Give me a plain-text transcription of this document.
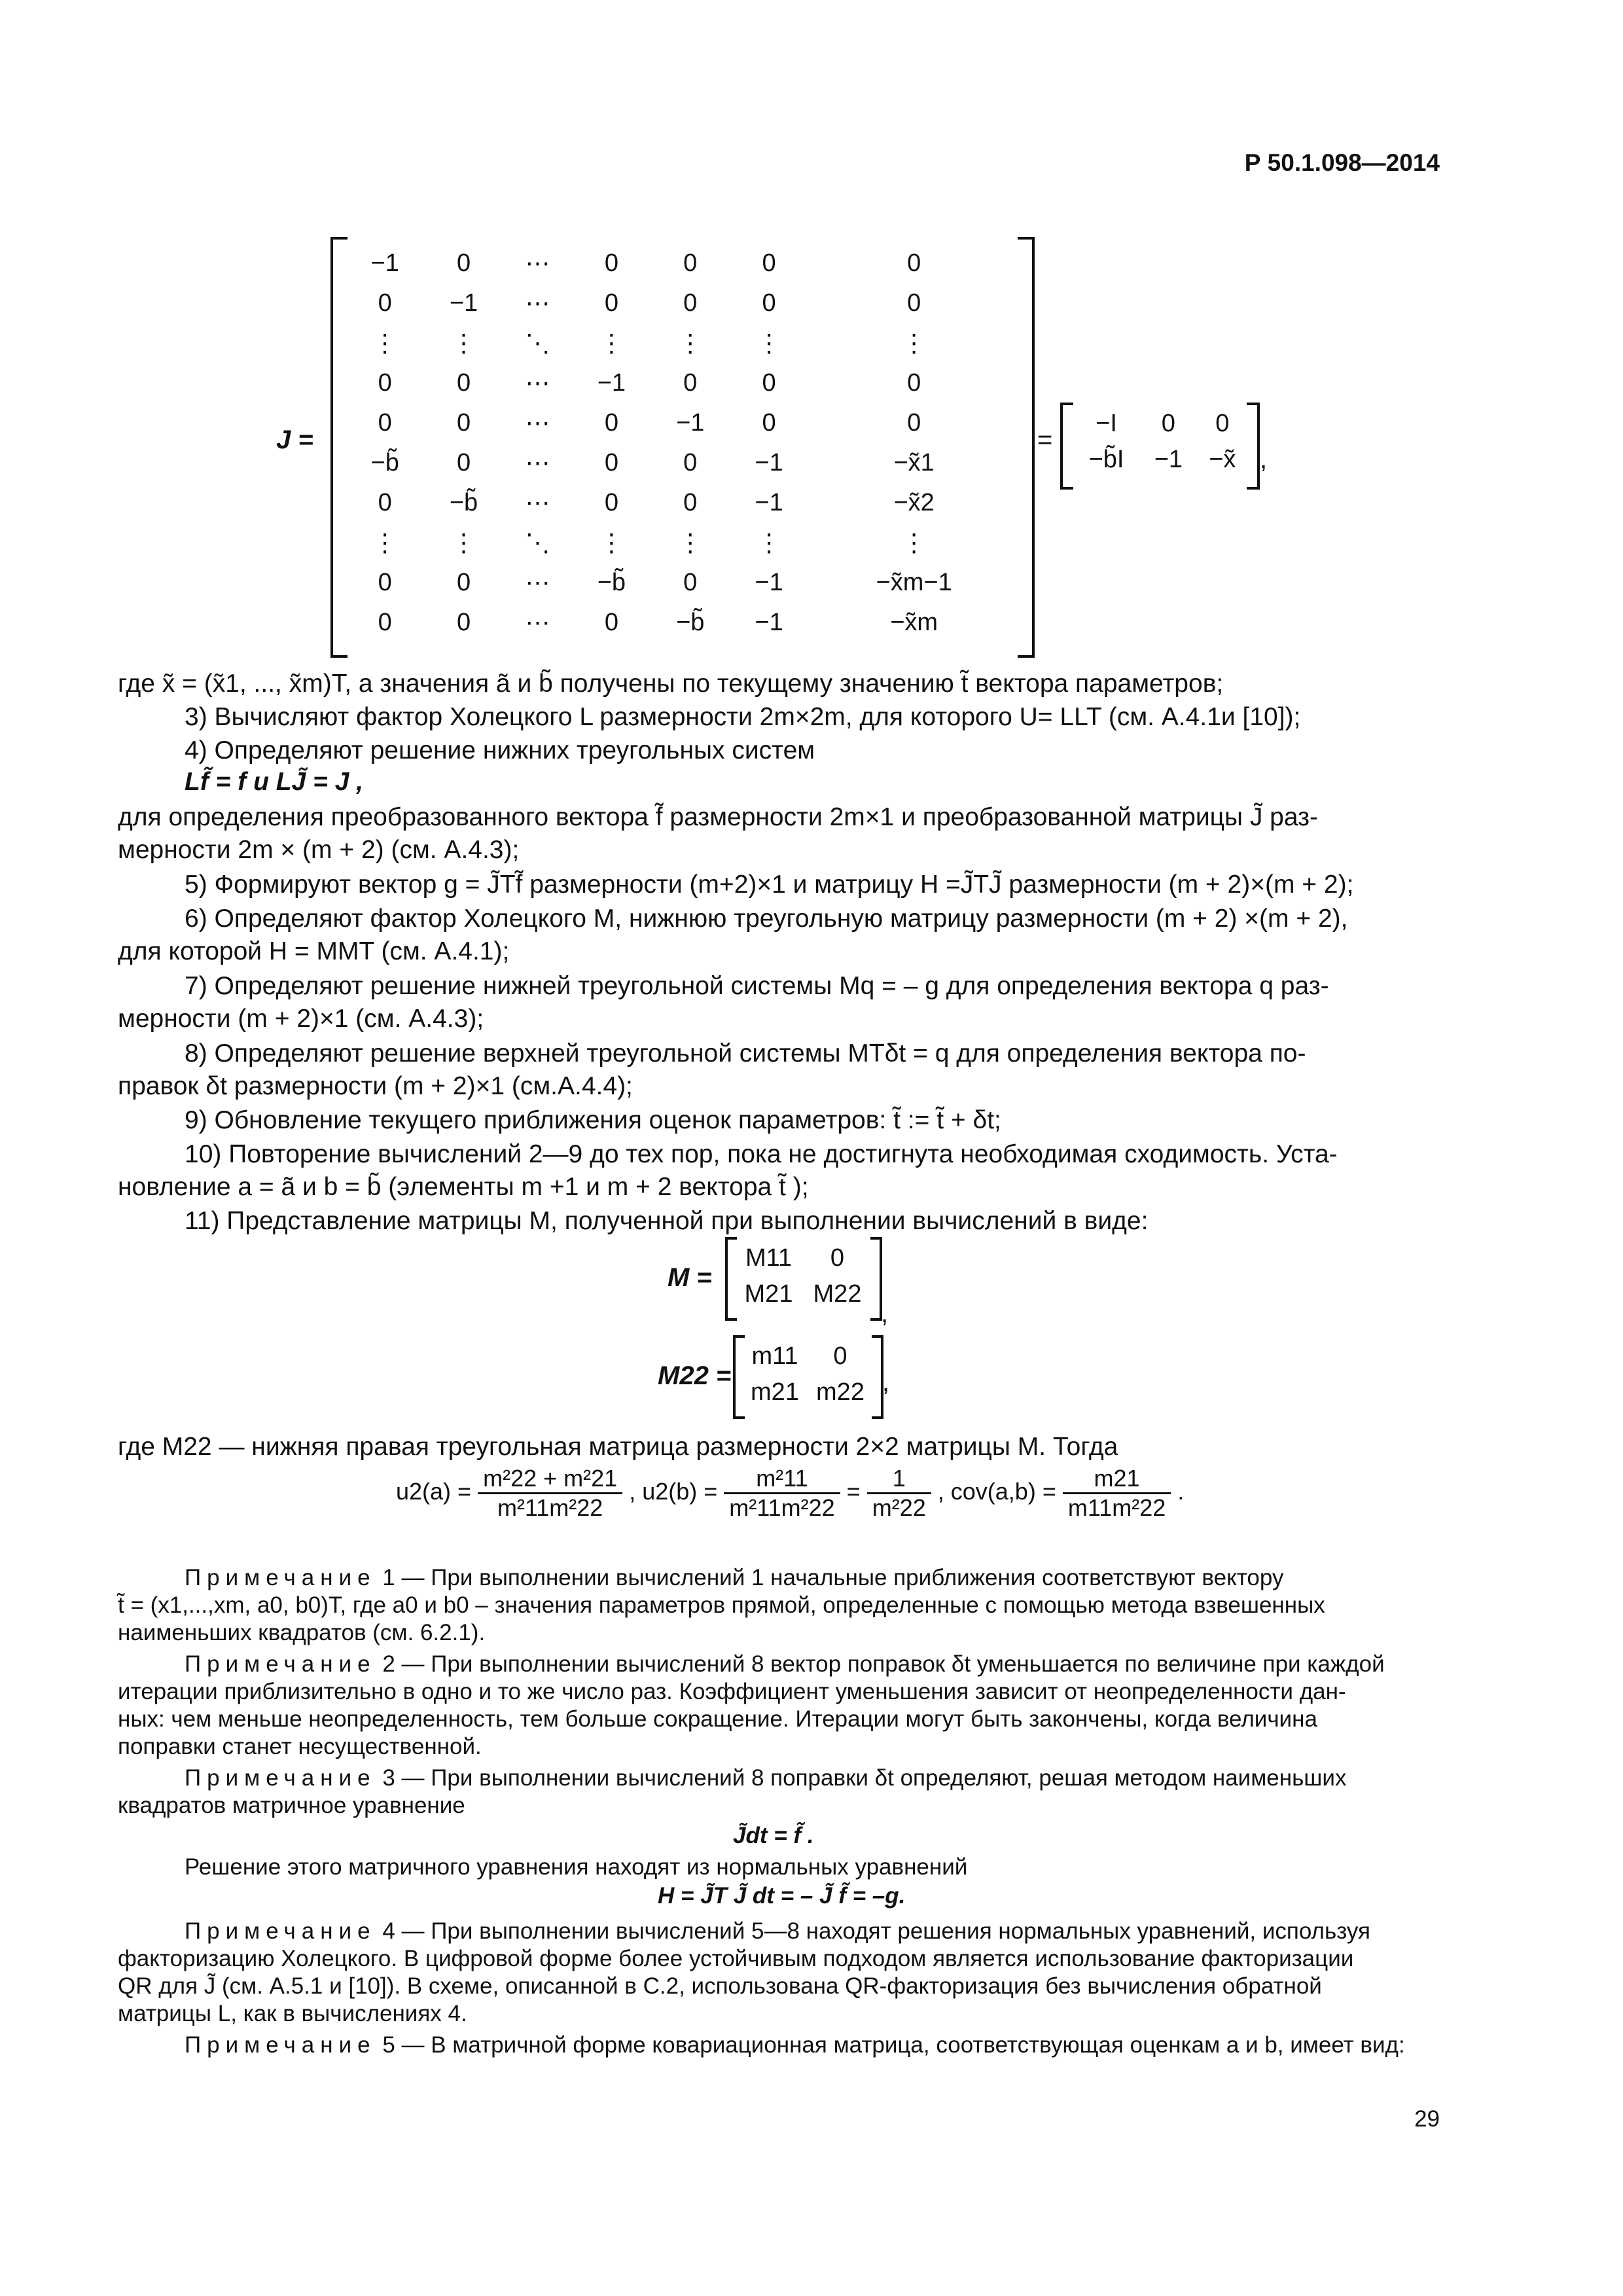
Р 50.1.098—2014
J =
−1	0	⋯	0	0	0	0
0	−1	⋯	0	0	0	0
⋮	⋮	⋱	⋮	⋮	⋮	⋮
0	0	⋯	−1	0	0	0
0	0	⋯	0	−1	0	0
−b̃	0	⋯	0	0	−1	−x̃1
0	−b̃	⋯	0	0	−1	−x̃2
⋮	⋮	⋱	⋮	⋮	⋮	⋮
0	0	⋯	−b̃	0	−1	−x̃m−1
0	0	⋯	0	−b̃	−1	−x̃m
=
−I	0	0
−b̃I	−1	−x̃ ,
где x̃ = (x̃1, ..., x̃m)T, а значения ã и b̃ получены по текущему значению t̃ вектора параметров;
3) Вычисляют фактор Холецкого L размерности 2m×2m, для которого U= LLT (см. А.4.1и [10]);
4) Определяют решение нижних треугольных систем
Lf̃ = f и LJ̃ = J ,
для определения преобразованного вектора f̃ размерности 2m×1 и преобразованной матрицы J̃ раз-
мерности 2m × (m + 2) (см. А.4.3);
5) Формируют вектор g = J̃Tf̃ размерности (m+2)×1 и матрицу H =J̃TJ̃ размерности (m + 2)×(m + 2);
6) Определяют фактор Холецкого M, нижнюю треугольную матрицу размерности (m + 2) ×(m + 2),
для которой H = MMT (см. А.4.1);
7) Определяют решение нижней треугольной системы Mq = – g для определения вектора q раз-
мерности (m + 2)×1 (см. А.4.3);
8) Определяют решение верхней треугольной системы MTδt = q для определения вектора по-
правок δt размерности (m + 2)×1 (см.А.4.4);
9) Обновление текущего приближения оценок параметров: t̃ := t̃ + δt;
10) Повторение вычислений 2—9 до тех пор, пока не достигнута необходимая сходимость. Уста-
новление a = ã и b = b̃ (элементы m +1 и m + 2 вектора t̃ );
11) Представление матрицы M, полученной при выполнении вычислений в виде:
M =
M11	0
M21	M22
,
M22 =
m11	0
m21	m22 ,
где M22 — нижняя правая треугольная матрица размерности 2×2 матрицы M. Тогда
$u2(a) = \frac{\text{m²22 + m²21}}{\text{m²11m²22}}$ , $u2(b) = \frac{\text{m²11}}{\text{m²11m²22}} = \frac{1}{\text{m²22}}$ , $cov(a,b) = \frac{m21}{\text{m11m²22}}$ .
Примечание 1 — При выполнении вычислений 1 начальные приближения соответствуют вектору
t̃ = (x1,...,xm, a0, b0)T, где a0 и b0 – значения параметров прямой, определенные с помощью метода взвешенных
наименьших квадратов (см. 6.2.1).
Примечание 2 — При выполнении вычислений 8 вектор поправок δt уменьшается по величине при каждой
итерации приблизительно в одно и то же число раз. Коэффициент уменьшения зависит от неопределенности дан-
ных: чем меньше неопределенность, тем больше сокращение. Итерации могут быть закончены, когда величина
поправки станет несущественной.
Примечание 3 — При выполнении вычислений 8 поправки δt определяют, решая методом наименьших
квадратов матричное уравнение
J̃dt = f̃ .
Решение этого матричного уравнения находят из нормальных уравнений
H = J̃T J̃ dt = – J̃ f̃ = –g.
Примечание 4 — При выполнении вычислений 5—8 находят решения нормальных уравнений, используя
факторизацию Холецкого. В цифровой форме более устойчивым подходом является использование факторизации
QR для J̃ (см. А.5.1 и [10]). В схеме, описанной в С.2, использована QR-факторизация без вычисления обратной
матрицы L, как в вычислениях 4.
Примечание 5 — В матричной форме ковариационная матрица, соответствующая оценкам a и b, имеет вид:
29
